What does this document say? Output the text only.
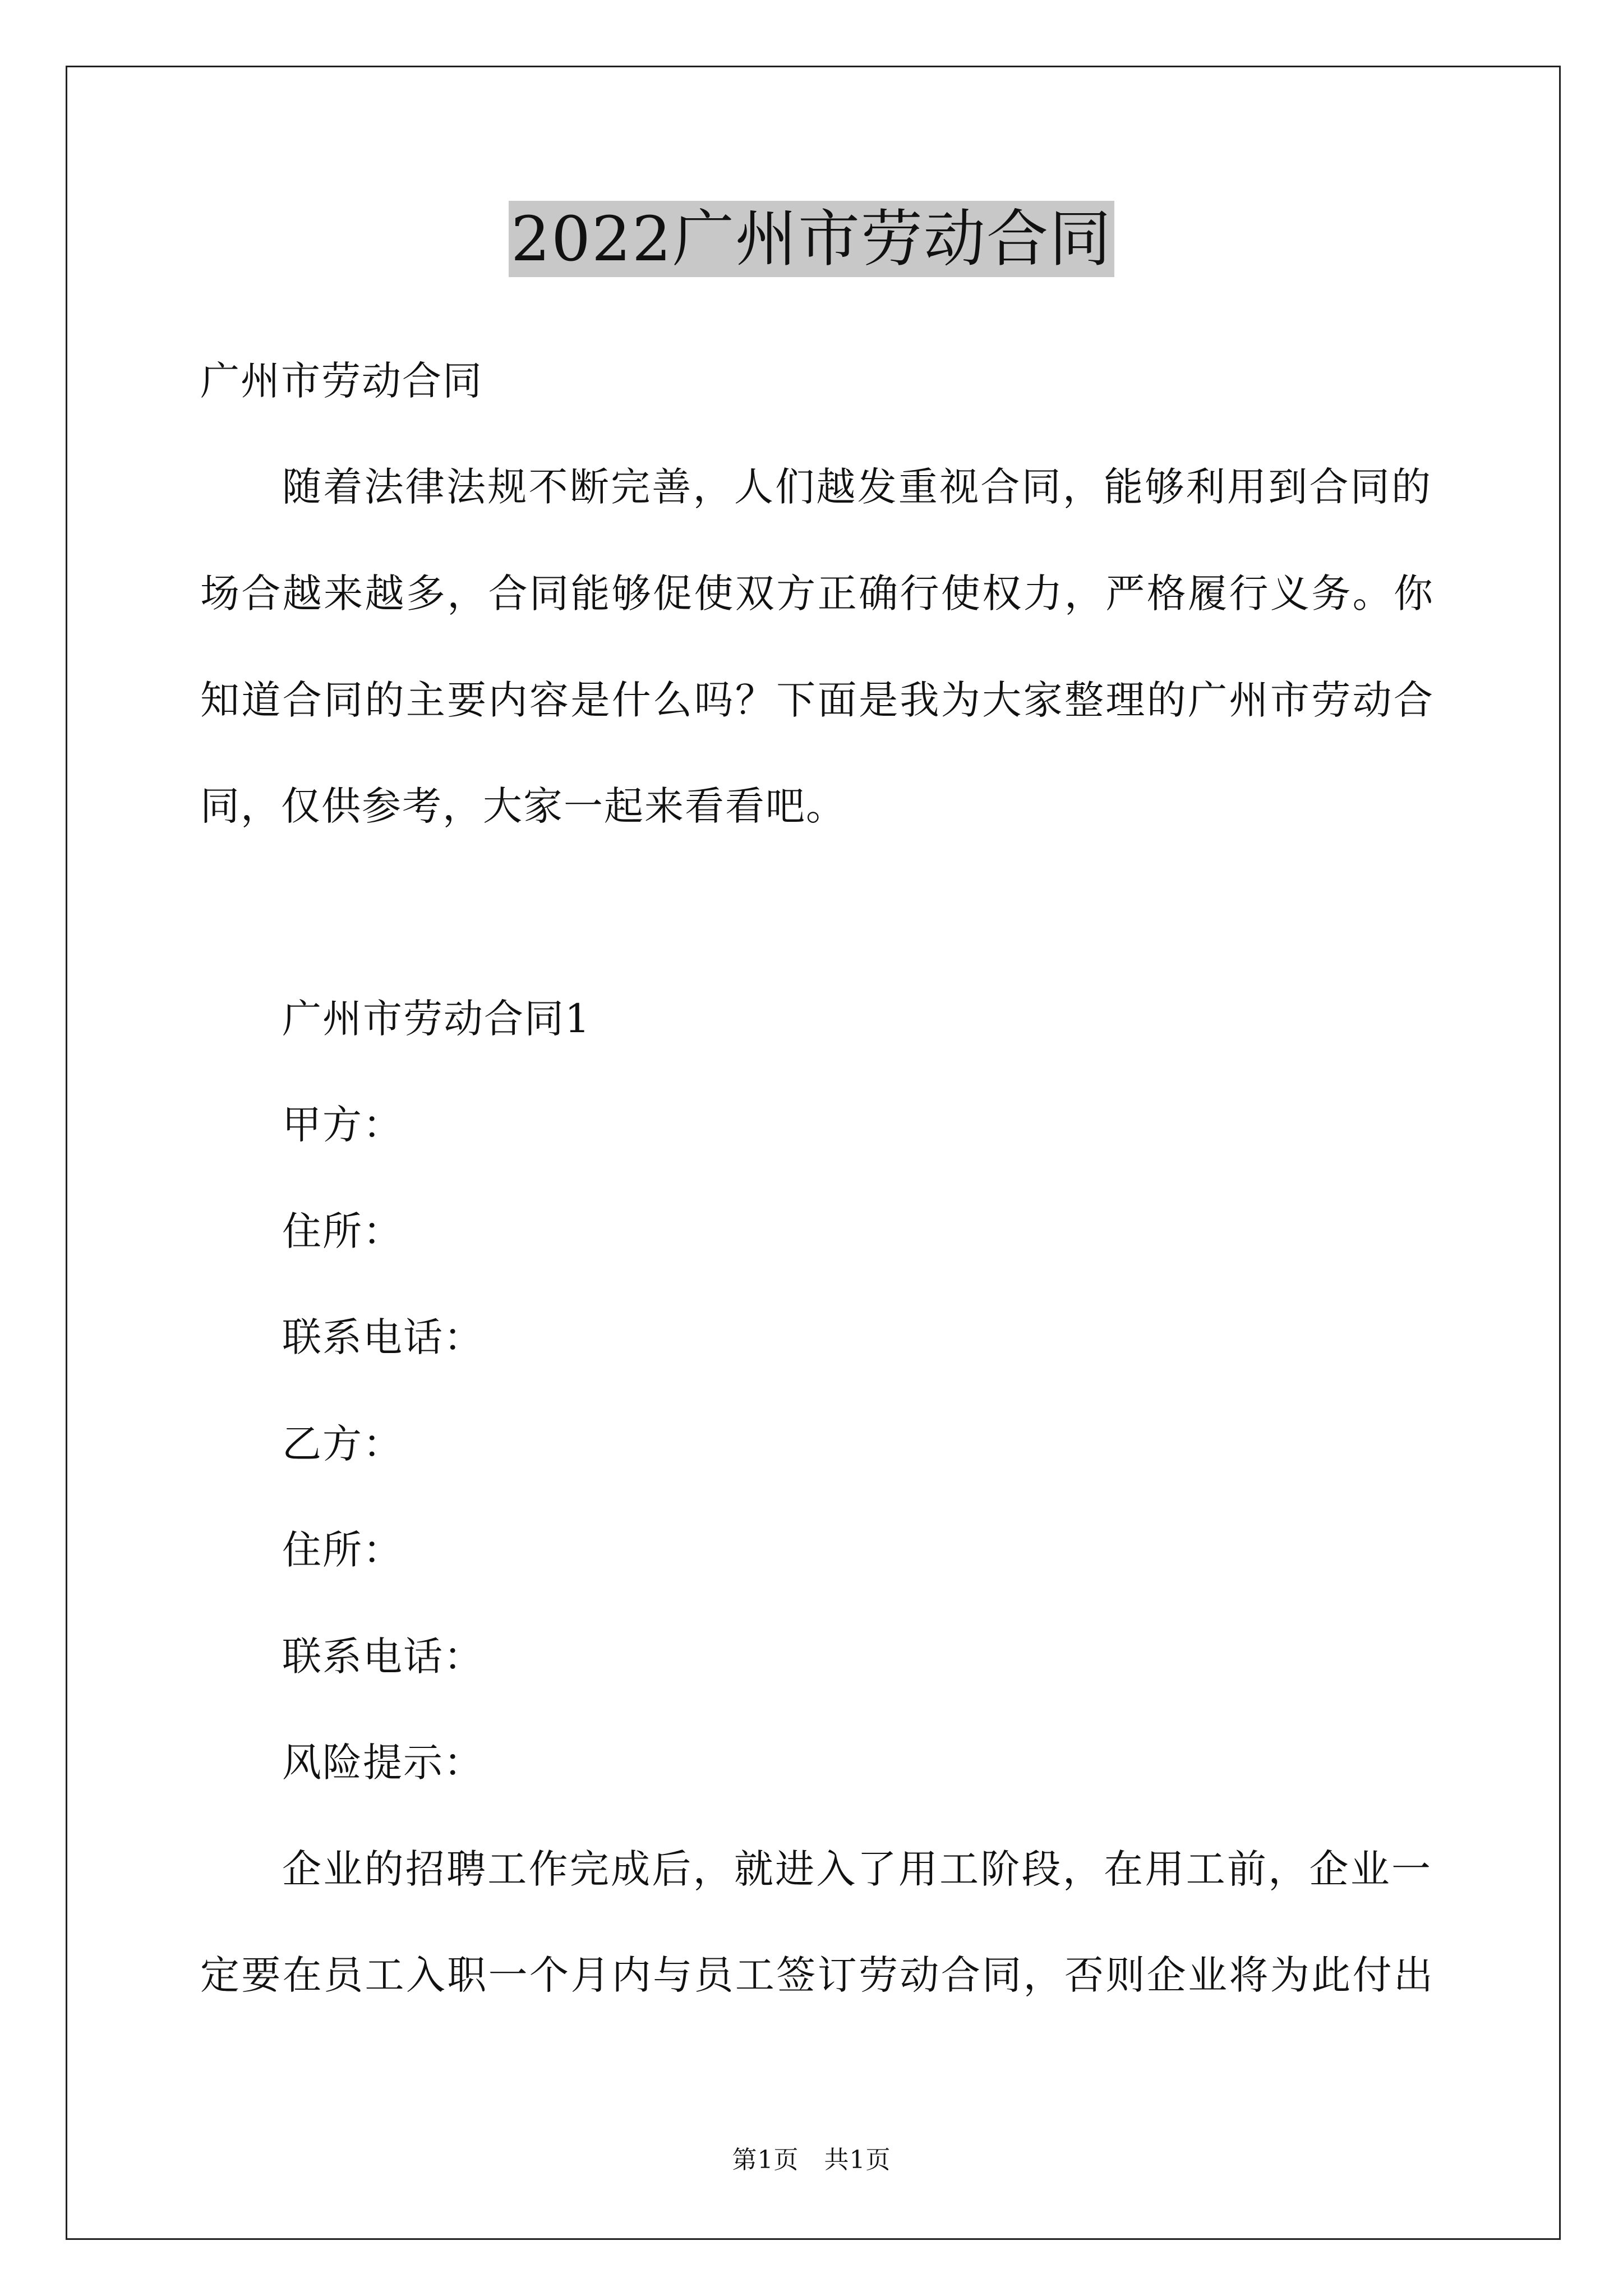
2022广州市劳动合同
广州市劳动合同
随着法律法规不断完善，人们越发重视合同，能够利用到合同的
场合越来越多，合同能够促使双方正确行使权力，严格履行义务。你
知道合同的主要内容是什么吗？下面是我为大家整理的广州市劳动合
同，仅供参考，大家一起来看看吧。
广州市劳动合同1
甲方：
住所：
联系电话：
乙方：
住所：
联系电话：
风险提示：
企业的招聘工作完成后，就进入了用工阶段，在用工前，企业一
定要在员工入职一个月内与员工签订劳动合同，否则企业将为此付出
第1页　共1页
